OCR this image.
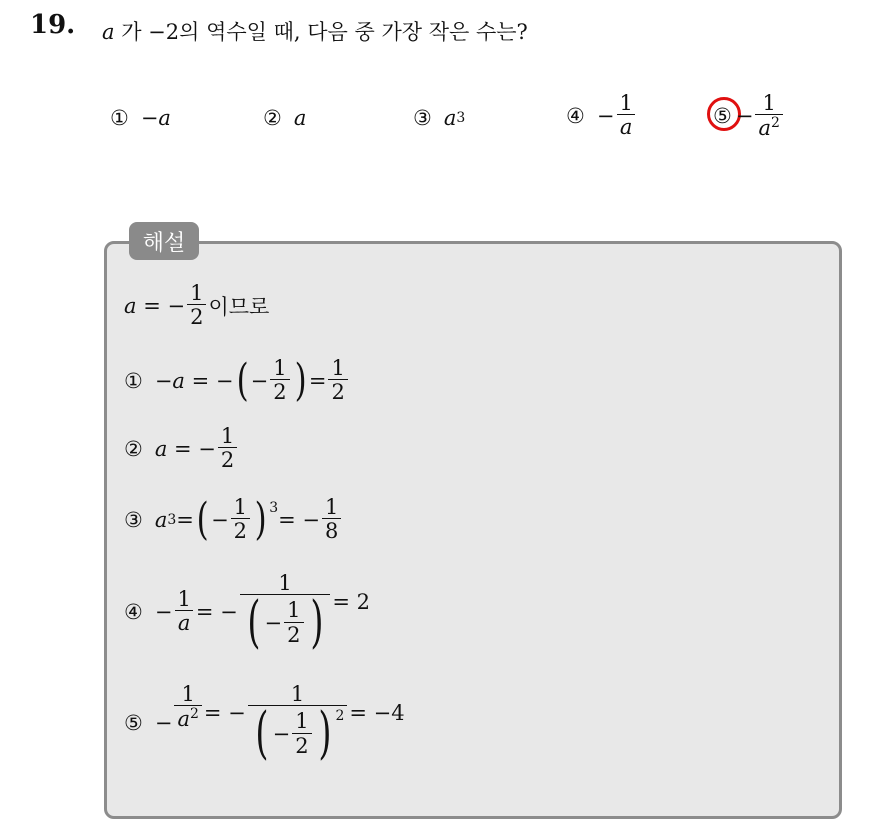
19. a 가 −2의 역수일 때, 다음 중 가장 작은 수는?
① −a	② a	③ a 3	④ − $\frac{1}{a}$	⑤ − $\frac{1}{a^2}$
해설
a = − $\frac{1}{2}$ 이므로
① −a = − ( − $\frac{1}{2}$ ) = $\frac{1}{2}$
② a = − $\frac{1}{2}$
③ a 3 = ( − $\frac{1}{2} )^3$ = − $\frac{1}{8}$
④ − $\frac{1}{a}$ = − $\frac{1}{( - \frac{1}{2} )} = 2$
⑤ − $\frac{1}{a^2}$ = − $\frac{1}{( - \frac{1}{2} ) ^2} = -4$
